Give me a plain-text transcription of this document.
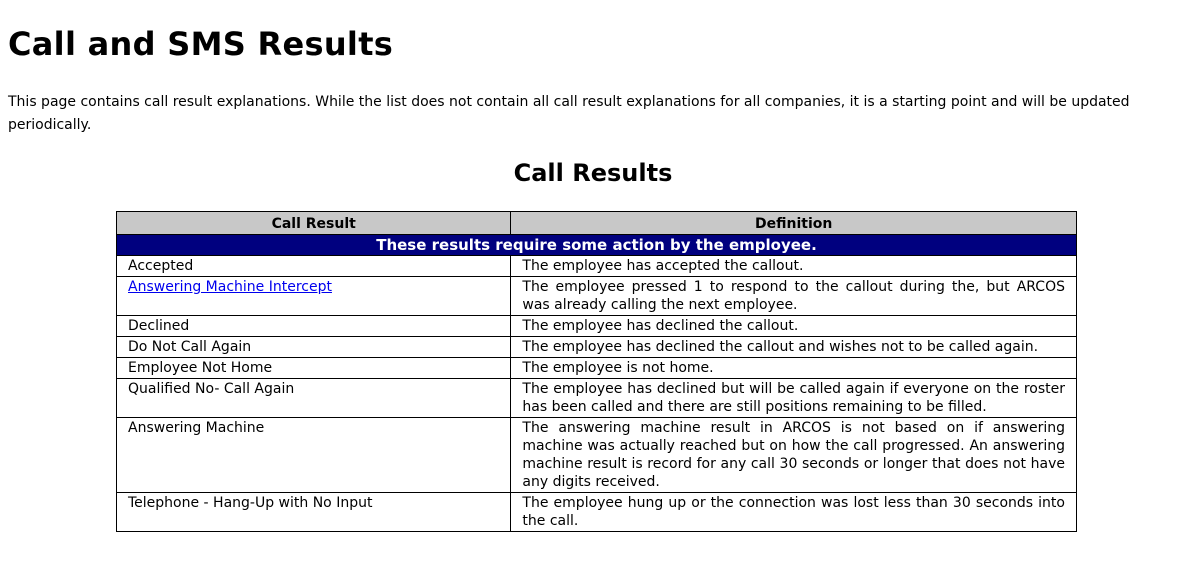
Call and SMS Results

This page contains call result explanations. While the list does not contain all call result explanations for all companies, it is a starting point and will be updated periodically.

Call Results
Call Result	Definition
These results require some action by the employee.	
Accepted	The employee has accepted the callout.
Answering Machine Intercept	The employee pressed 1 to respond to the callout during the, but ARCOS was already calling the next employee.
Declined	The employee has declined the callout.
Do Not Call Again	The employee has declined the callout and wishes not to be called again.
Employee Not Home	The employee is not home.
Qualified No- Call Again	The employee has declined but will be called again if everyone on the roster has been called and there are still positions remaining to be filled.
Answering Machine	The answering machine result in ARCOS is not based on if answering machine was actually reached but on how the call progressed. An answering machine result is record for any call 30 seconds or longer that does not have any digits received.
Telephone - Hang-Up with No Input	The employee hung up or the connection was lost less than 30 seconds into the call.
